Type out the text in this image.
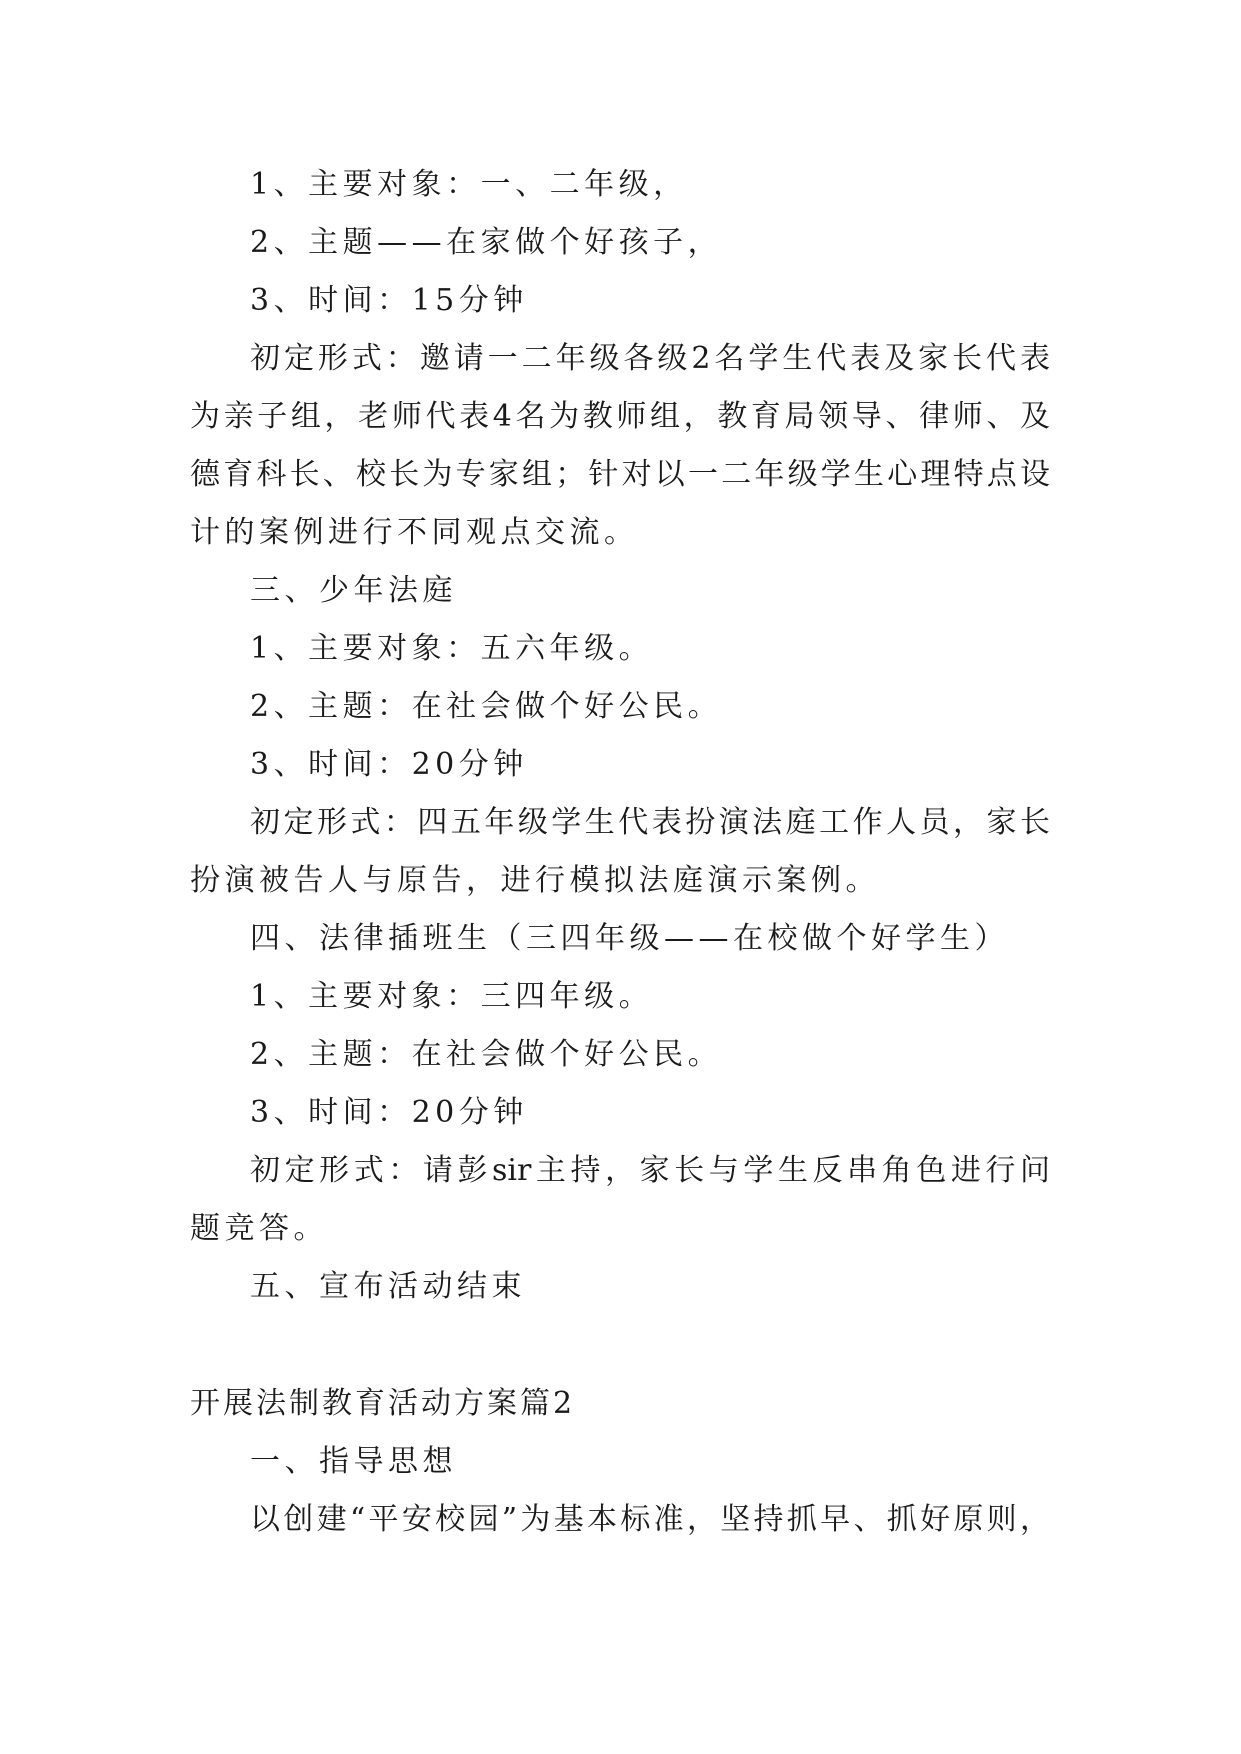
1、主要对象：一、二年级，
2、主题——在家做个好孩子，
3、时间：15分钟
初定形式：邀请一二年级各级2名学生代表及家长代表
为亲子组，老师代表4名为教师组，教育局领导、律师、及
德育科长、校长为专家组；针对以一二年级学生心理特点设
计的案例进行不同观点交流。
三、少年法庭
1、主要对象：五六年级。
2、主题：在社会做个好公民。
3、时间：20分钟
初定形式：四五年级学生代表扮演法庭工作人员，家长
扮演被告人与原告，进行模拟法庭演示案例。
四、法律插班生（三四年级——在校做个好学生）
1、主要对象：三四年级。
2、主题：在社会做个好公民。
3、时间：20分钟
初定形式：请彭sir主持，家长与学生反串角色进行问
题竞答。
五、宣布活动结束
开展法制教育活动方案篇2
一、指导思想
以创建“平安校园”为基本标准，坚持抓早、抓好原则，
